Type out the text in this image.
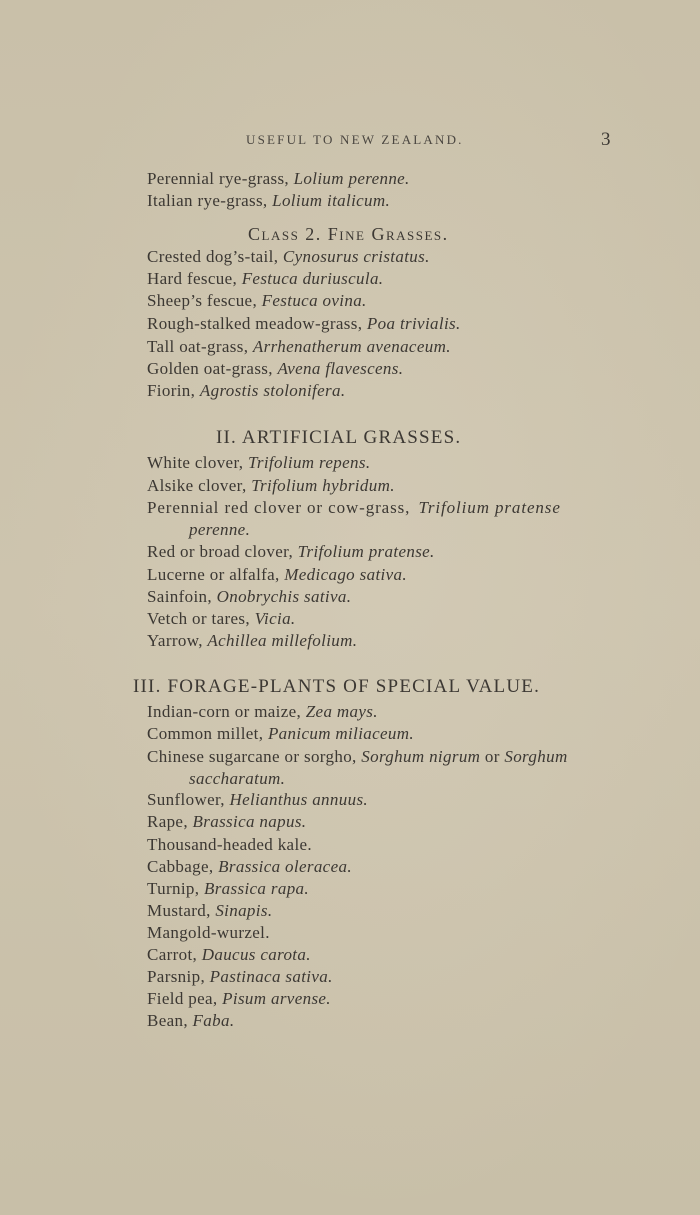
USEFUL TO NEW ZEALAND.	3
Perennial rye-grass, Lolium perenne.
Italian rye-grass, Lolium italicum.
Class 2. Fine Grasses.
Crested dog’s-tail, Cynosurus cristatus.
Hard fescue, Festuca duriuscula.
Sheep’s fescue, Festuca ovina.
Rough-stalked meadow-grass, Poa trivialis.
Tall oat-grass, Arrhenatherum avenaceum.
Golden oat-grass, Avena flavescens.
Fiorin, Agrostis stolonifera.
II. ARTIFICIAL GRASSES.
White clover, Trifolium repens.
Alsike clover, Trifolium hybridum.
Perennial red clover or cow-grass, Trifolium pratense
perenne.
Red or broad clover, Trifolium pratense.
Lucerne or alfalfa, Medicago sativa.
Sainfoin, Onobrychis sativa.
Vetch or tares, Vicia.
Yarrow, Achillea millefolium.
III. FORAGE-PLANTS OF SPECIAL VALUE.
Indian-corn or maize, Zea mays.
Common millet, Panicum miliaceum.
Chinese sugarcane or sorgho, Sorghum nigrum or Sorghum
saccharatum.
Sunflower, Helianthus annuus.
Rape, Brassica napus.
Thousand-headed kale.
Cabbage, Brassica oleracea.
Turnip, Brassica rapa.
Mustard, Sinapis.
Mangold-wurzel.
Carrot, Daucus carota.
Parsnip, Pastinaca sativa.
Field pea, Pisum arvense.
Bean, Faba.
